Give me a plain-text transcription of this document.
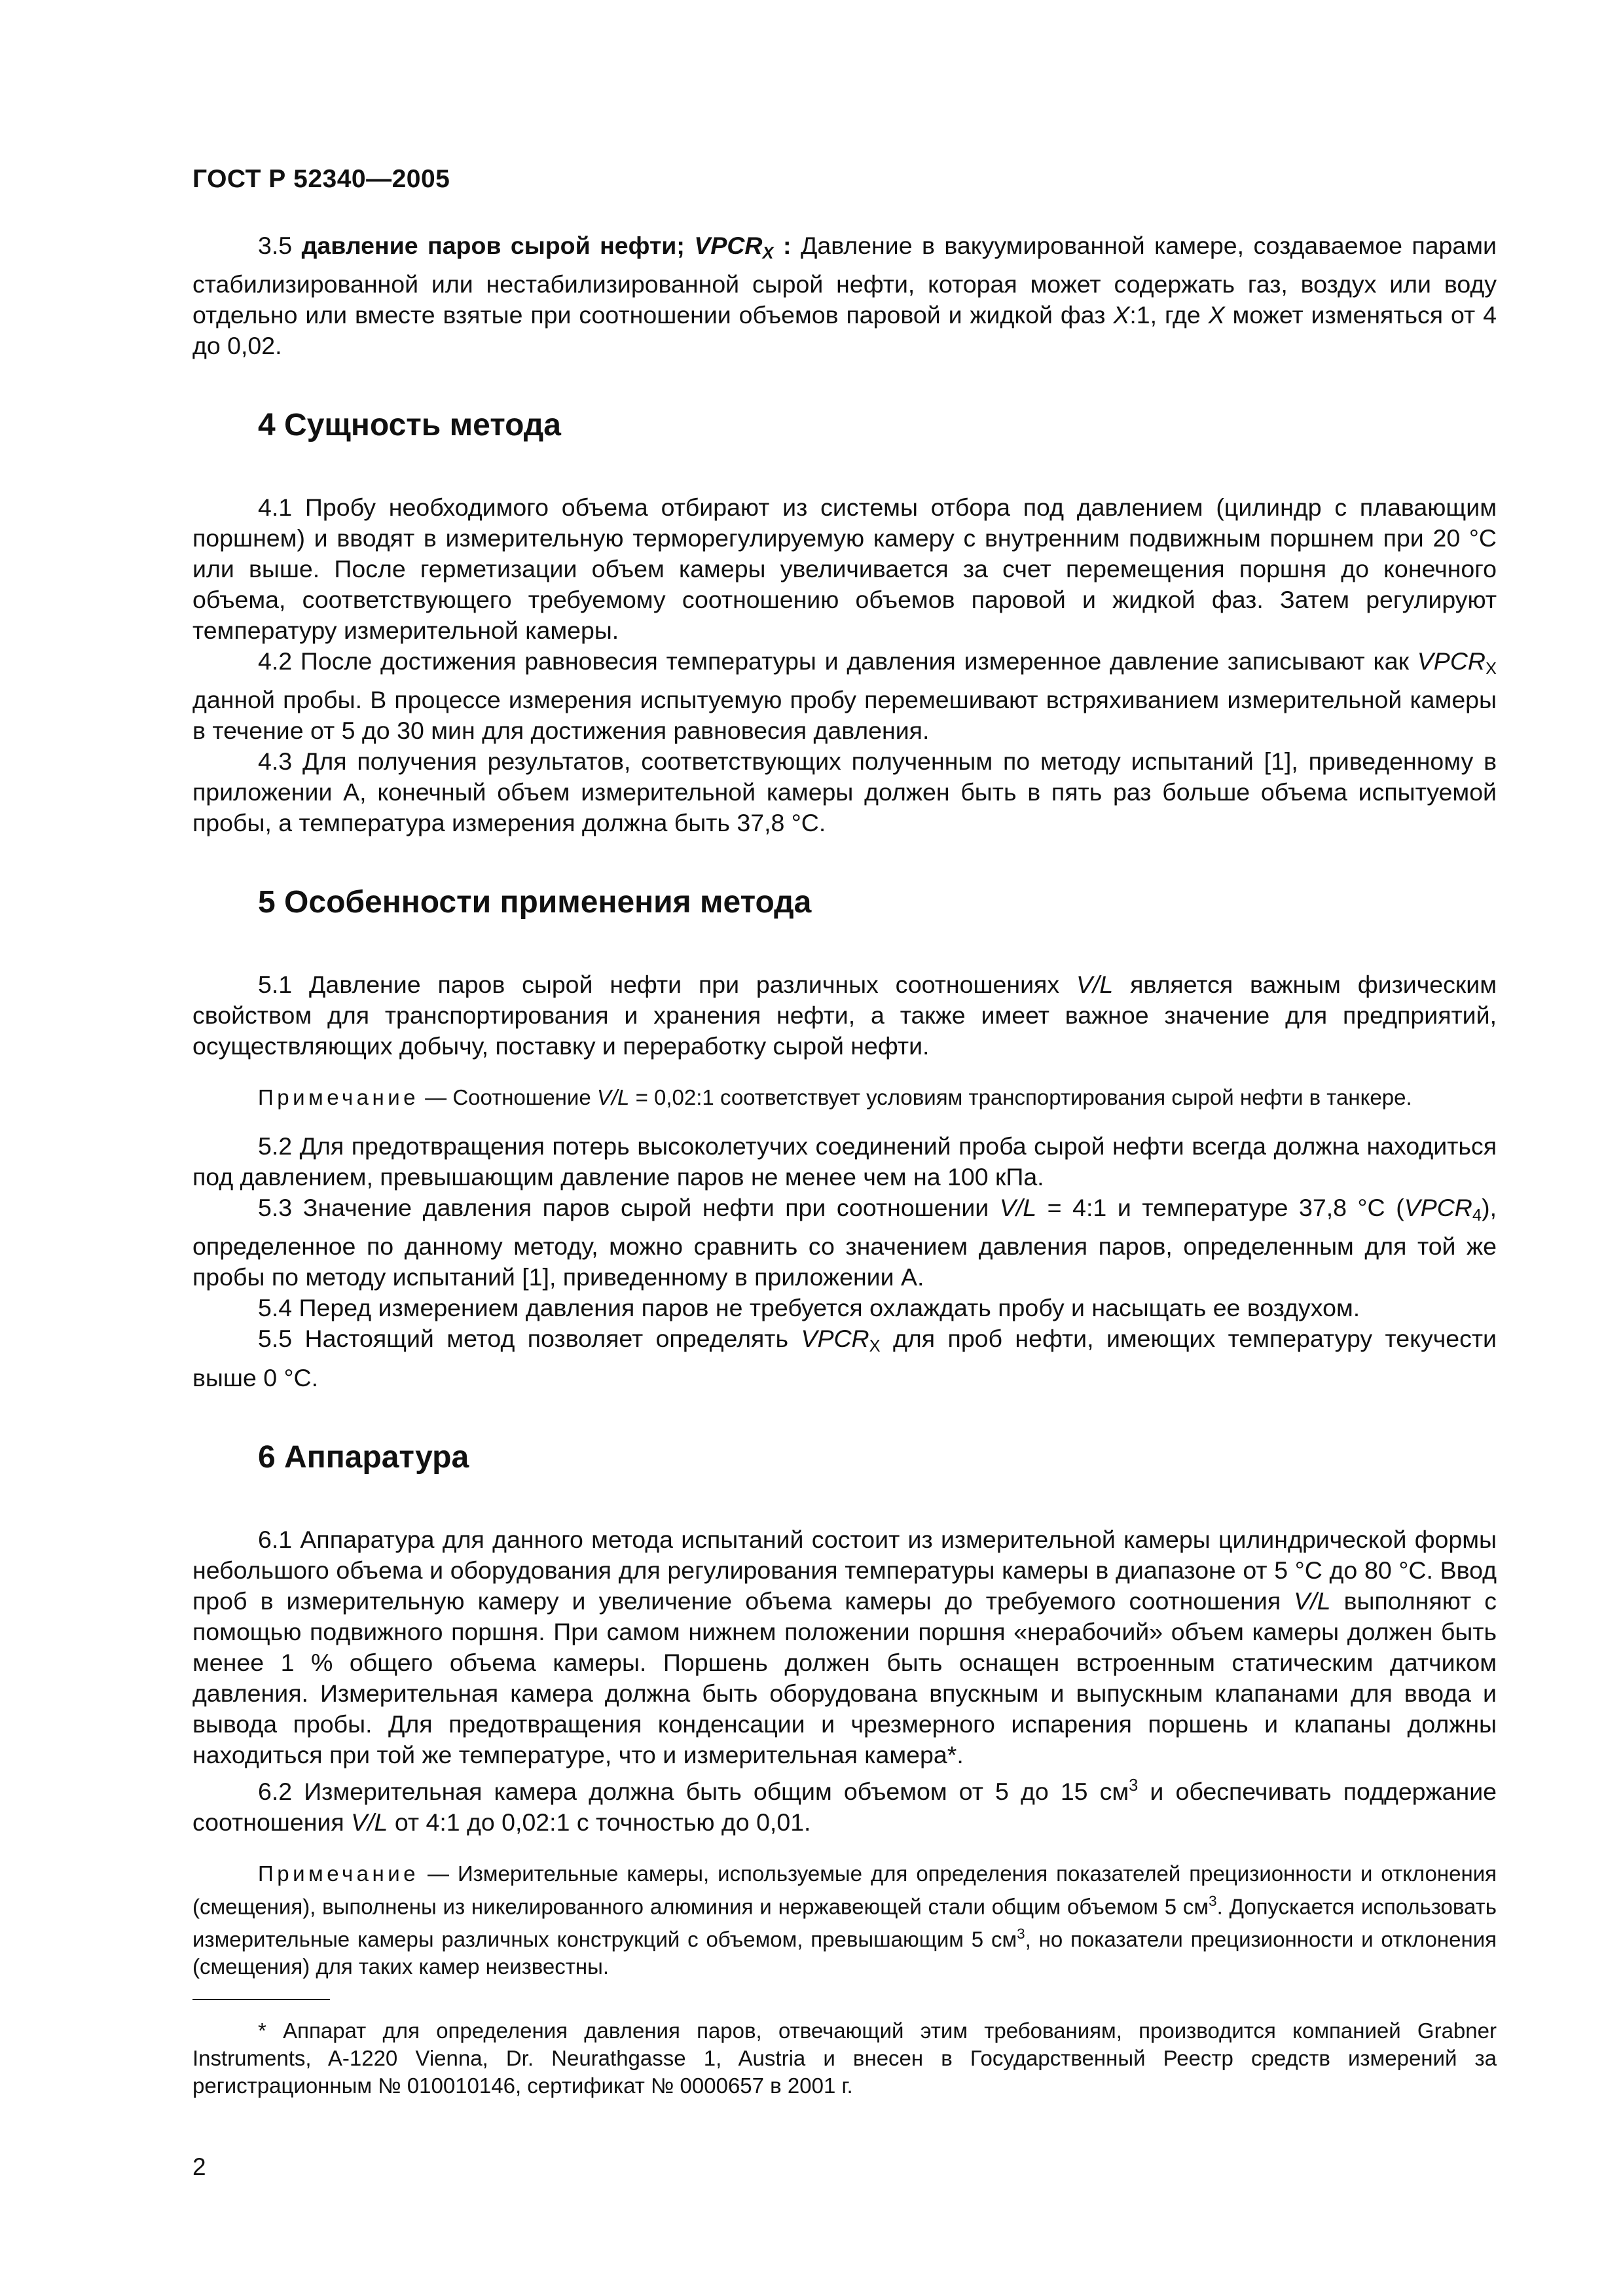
ГОСТ Р 52340—2005

3.5 давление паров сырой нефти; $VPCR_X$ : Давление в вакуумированной камере, создаваемое парами стабилизированной или нестабилизированной сырой нефти, которая может содержать газ, воздух или воду отдельно или вместе взятые при соотношении объемов паровой и жидкой фаз X:1, где X может изменяться от 4 до 0,02.

4 Сущность метода

4.1 Пробу необходимого объема отбирают из системы отбора под давлением (цилиндр с плавающим поршнем) и вводят в измерительную терморегулируемую камеру с внутренним подвижным поршнем при 20 °С или выше. После герметизации объем камеры увеличивается за счет перемещения поршня до конечного объема, соответствующего требуемому соотношению объемов паровой и жидкой фаз. Затем регулируют температуру измерительной камеры.

4.2 После достижения равновесия температуры и давления измеренное давление записывают как $VPCR_X$ данной пробы. В процессе измерения испытуемую пробу перемешивают встряхиванием измерительной камеры в течение от 5 до 30 мин для достижения равновесия давления.

4.3 Для получения результатов, соответствующих полученным по методу испытаний [1], приведенному в приложении А, конечный объем измерительной камеры должен быть в пять раз больше объема испытуемой пробы, а температура измерения должна быть 37,8 °С.

5 Особенности применения метода

5.1 Давление паров сырой нефти при различных соотношениях V/L является важным физическим свойством для транспортирования и хранения нефти, а также имеет важное значение для предприятий, осуществляющих добычу, поставку и переработку сырой нефти.

Примечание — Соотношение V/L = 0,02:1 соответствует условиям транспортирования сырой нефти в танкере.

5.2 Для предотвращения потерь высоколетучих соединений проба сырой нефти всегда должна находиться под давлением, превышающим давление паров не менее чем на 100 кПа.

5.3 Значение давления паров сырой нефти при соотношении V/L = 4:1 и температуре 37,8 °С $(VPCR_4)$, определенное по данному методу, можно сравнить со значением давления паров, определенным для той же пробы по методу испытаний [1], приведенному в приложении А.

5.4 Перед измерением давления паров не требуется охлаждать пробу и насыщать ее воздухом.

5.5 Настоящий метод позволяет определять $VPCR_X$ для проб нефти, имеющих температуру текучести выше 0 °С.

6 Аппаратура

6.1 Аппаратура для данного метода испытаний состоит из измерительной камеры цилиндрической формы небольшого объема и оборудования для регулирования температуры камеры в диапазоне от 5 °С до 80 °С. Ввод проб в измерительную камеру и увеличение объема камеры до требуемого соотношения V/L выполняют с помощью подвижного поршня. При самом нижнем положении поршня «нерабочий» объем камеры должен быть менее 1 % общего объема камеры. Поршень должен быть оснащен встроенным статическим датчиком давления. Измерительная камера должна быть оборудована впускным и выпускным клапанами для ввода и вывода пробы. Для предотвращения конденсации и чрезмерного испарения поршень и клапаны должны находиться при той же температуре, что и измерительная камера*.

6.2 Измерительная камера должна быть общим объемом от 5 до 15 $см^3$ и обеспечивать поддержание соотношения V/L от 4:1 до 0,02:1 с точностью до 0,01.

Примечание — Измерительные камеры, используемые для определения показателей прецизионности и отклонения (смещения), выполнены из никелированного алюминия и нержавеющей стали общим объемом 5 $см^3$. Допускается использовать измерительные камеры различных конструкций с объемом, превышающим 5 $см^3$, но показатели прецизионности и отклонения (смещения) для таких камер неизвестны.

* Аппарат для определения давления паров, отвечающий этим требованиям, производится компанией Grabner Instruments, A-1220 Vienna, Dr. Neurathgasse 1, Austria и внесен в Государственный Реестр средств измерений за регистрационным № 010010146, сертификат № 0000657 в 2001 г.

2
